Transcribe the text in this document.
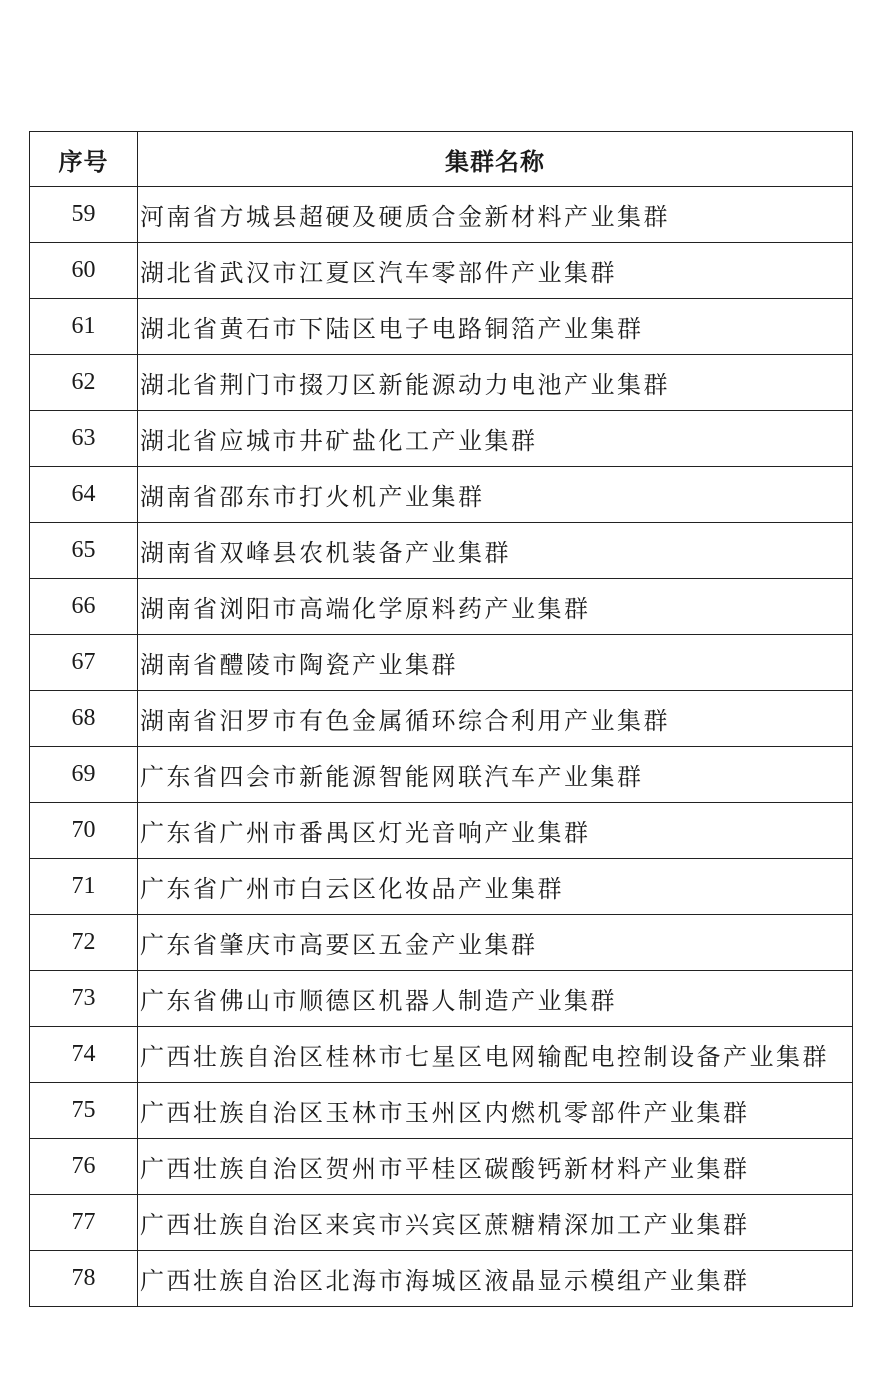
序号	集群名称
59	河南省方城县超硬及硬质合金新材料产业集群
60	湖北省武汉市江夏区汽车零部件产业集群
61	湖北省黄石市下陆区电子电路铜箔产业集群
62	湖北省荆门市掇刀区新能源动力电池产业集群
63	湖北省应城市井矿盐化工产业集群
64	湖南省邵东市打火机产业集群
65	湖南省双峰县农机装备产业集群
66	湖南省浏阳市高端化学原料药产业集群
67	湖南省醴陵市陶瓷产业集群
68	湖南省汨罗市有色金属循环综合利用产业集群
69	广东省四会市新能源智能网联汽车产业集群
70	广东省广州市番禺区灯光音响产业集群
71	广东省广州市白云区化妆品产业集群
72	广东省肇庆市高要区五金产业集群
73	广东省佛山市顺德区机器人制造产业集群
74	广西壮族自治区桂林市七星区电网输配电控制设备产业集群
75	广西壮族自治区玉林市玉州区内燃机零部件产业集群
76	广西壮族自治区贺州市平桂区碳酸钙新材料产业集群
77	广西壮族自治区来宾市兴宾区蔗糖精深加工产业集群
78	广西壮族自治区北海市海城区液晶显示模组产业集群
